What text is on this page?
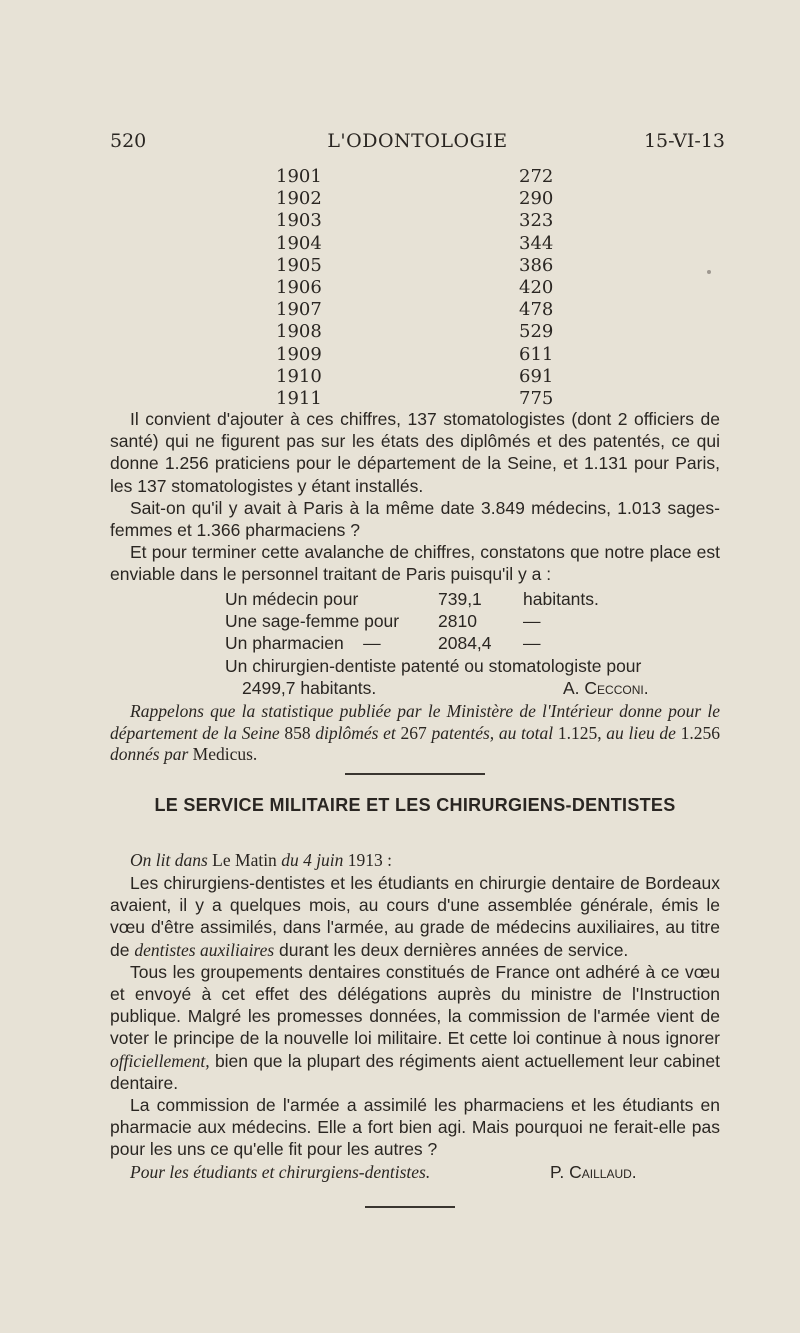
520	L'ODONTOLOGIE	15-VI-13
1901	272
1902	290
1903	323
1904	344
1905	386
1906	420
1907	478
1908	529
1909	611
1910	691
1911	775

Il convient d'ajouter à ces chiffres, 137 stomatologistes (dont 2 officiers de santé) qui ne figurent pas sur les états des diplômés et des patentés, ce qui donne 1.256 praticiens pour le département de la Seine, et 1.131 pour Paris, les 137 stomatologistes y étant installés.

Sait-on qu'il y avait à Paris à la même date 3.849 médecins, 1.013 sages-femmes et 1.366 pharmaciens ?

Et pour terminer cette avalanche de chiffres, constatons que notre place est enviable dans le personnel traitant de Paris puisqu'il y a :

Un médecin pour	739,1 habitants.
Une sage-femme pour 2810	—
Un pharmacien    —	2084,4 —
Un chirurgien-dentiste patenté ou stomatologiste pour
2499,7 habitants.	A. Cecconi.

Rappelons que la statistique publiée par le Ministère de l'Intérieur donne pour le département de la Seine 858 diplômés et 267 patentés, au total 1.125, au lieu de 1.256 donnés par Medicus.

LE SERVICE MILITAIRE ET LES CHIRURGIENS-DENTISTES

On lit dans Le Matin du 4 juin 1913 :

Les chirurgiens-dentistes et les étudiants en chirurgie dentaire de Bordeaux avaient, il y a quelques mois, au cours d'une assemblée générale, émis le vœu d'être assimilés, dans l'armée, au grade de médecins auxiliaires, au titre de dentistes auxiliaires durant les deux dernières années de service.

Tous les groupements dentaires constitués de France ont adhéré à ce vœu et envoyé à cet effet des délégations auprès du ministre de l'Instruction publique. Malgré les promesses données, la commission de l'armée vient de voter le principe de la nouvelle loi militaire. Et cette loi continue à nous ignorer officiellement, bien que la plupart des régiments aient actuellement leur cabinet dentaire.

La commission de l'armée a assimilé les pharmaciens et les étudiants en pharmacie aux médecins. Elle a fort bien agi. Mais pourquoi ne ferait-elle pas pour les uns ce qu'elle fit pour les autres ?

Pour les étudiants et chirurgiens-dentistes.	P. Caillaud.
